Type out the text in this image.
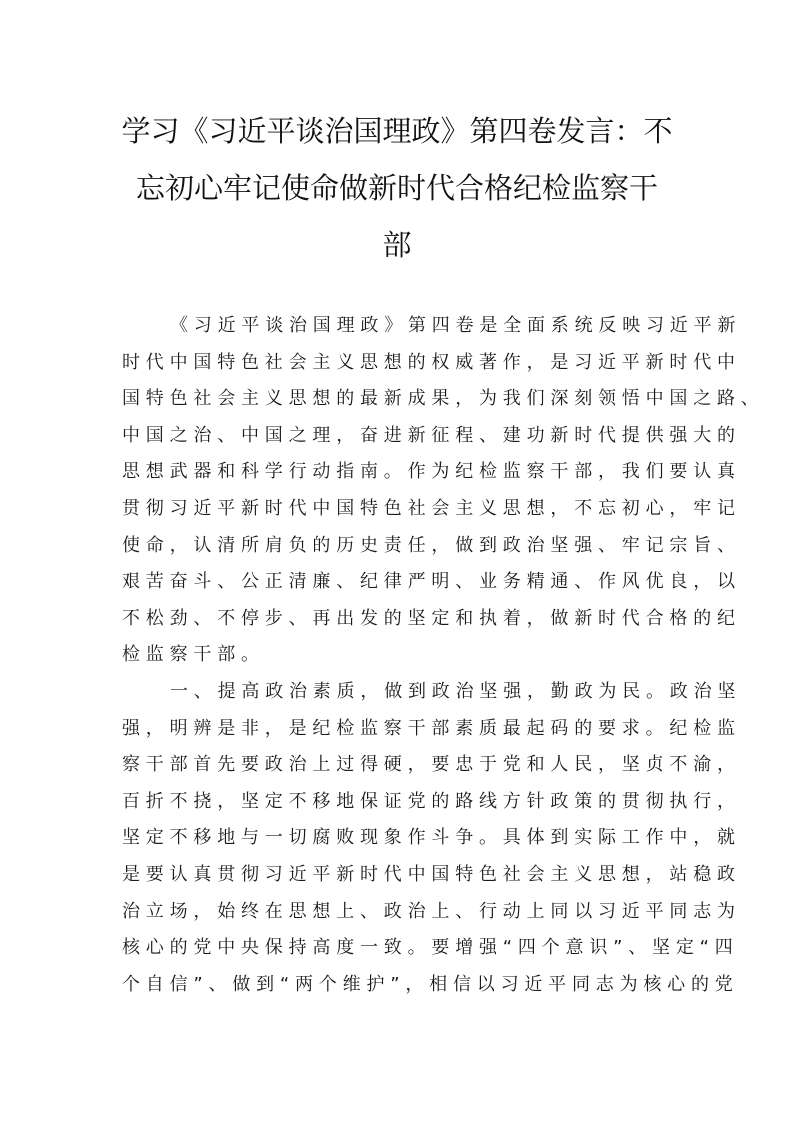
学习《习近平谈治国理政》第四卷发言：不
忘初心牢记使命做新时代合格纪检监察干
部
《习近平谈治国理政》第四卷是全面系统反映习近平新
时代中国特色社会主义思想的权威著作，是习近平新时代中
国特色社会主义思想的最新成果，为我们深刻领悟中国之路、
中国之治、中国之理，奋进新征程、建功新时代提供强大的
思想武器和科学行动指南。作为纪检监察干部，我们要认真
贯彻习近平新时代中国特色社会主义思想，不忘初心，牢记
使命，认清所肩负的历史责任，做到政治坚强、牢记宗旨、
艰苦奋斗、公正清廉、纪律严明、业务精通、作风优良，以
不松劲、不停步、再出发的坚定和执着，做新时代合格的纪
检监察干部。
一、提高政治素质，做到政治坚强，勤政为民。政治坚
强，明辨是非，是纪检监察干部素质最起码的要求。纪检监
察干部首先要政治上过得硬，要忠于党和人民，坚贞不渝，
百折不挠，坚定不移地保证党的路线方针政策的贯彻执行，
坚定不移地与一切腐败现象作斗争。具体到实际工作中，就
是要认真贯彻习近平新时代中国特色社会主义思想，站稳政
治立场，始终在思想上、政治上、行动上同以习近平同志为
核心的党中央保持高度一致。要增强“四个意识”、坚定“四
个自信”、做到“两个维护”，相信以习近平同志为核心的党
